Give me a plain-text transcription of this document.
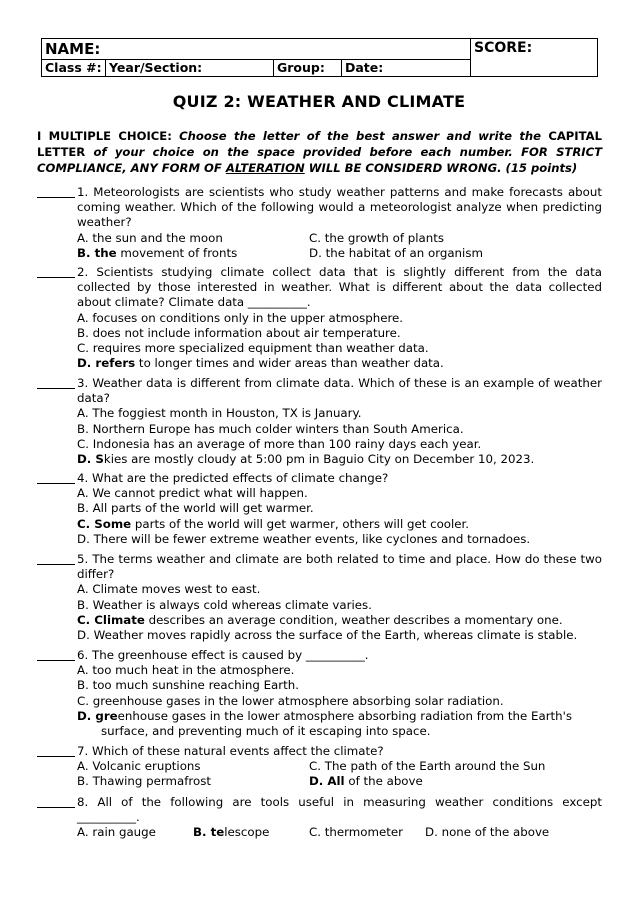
NAME:	SCORE:
Class #: Year/Section:	Group:	Date:
QUIZ 2: WEATHER AND CLIMATE
I MULTIPLE CHOICE: Choose the letter of the best answer and write the CAPITAL LETTER of your choice on the space provided before each number. FOR STRICT COMPLIANCE, ANY FORM OF ALTERATION WILL BE CONSIDERD WRONG. (15 points)
1. Meteorologists are scientists who study weather patterns and make forecasts about coming weather. Which of the following would a meteorologist analyze when predicting weather?
A. the sun and the moon	C. the growth of plants
B. the movement of fronts	D. the habitat of an organism
2. Scientists studying climate collect data that is slightly different from the data collected by those interested in weather. What is different about the data collected about climate? Climate data __________.
A. focuses on conditions only in the upper atmosphere.
B. does not include information about air temperature.
C. requires more specialized equipment than weather data.
D. refers to longer times and wider areas than weather data.
3. Weather data is different from climate data. Which of these is an example of weather data?
A. The foggiest month in Houston, TX is January.
B. Northern Europe has much colder winters than South America.
C. Indonesia has an average of more than 100 rainy days each year.
D. Skies are mostly cloudy at 5:00 pm in Baguio City on December 10, 2023.
4. What are the predicted effects of climate change?
A. We cannot predict what will happen.
B. All parts of the world will get warmer.
C. Some parts of the world will get warmer, others will get cooler.
D. There will be fewer extreme weather events, like cyclones and tornadoes.
5. The terms weather and climate are both related to time and place. How do these two differ?
A. Climate moves west to east.
B. Weather is always cold whereas climate varies.
C. Climate describes an average condition, weather describes a momentary one.
D. Weather moves rapidly across the surface of the Earth, whereas climate is stable.
6. The greenhouse effect is caused by __________.
A. too much heat in the atmosphere.
B. too much sunshine reaching Earth.
C. greenhouse gases in the lower atmosphere absorbing solar radiation.
D. greenhouse gases in the lower atmosphere absorbing radiation from the Earth's
surface, and preventing much of it escaping into space.
7. Which of these natural events affect the climate?
A. Volcanic eruptions	C. The path of the Earth around the Sun
B. Thawing permafrost	D. All of the above
8. All of the following are tools useful in measuring weather conditions except __________.
A. rain gauge	B. telescope	C. thermometer	D. none of the above
